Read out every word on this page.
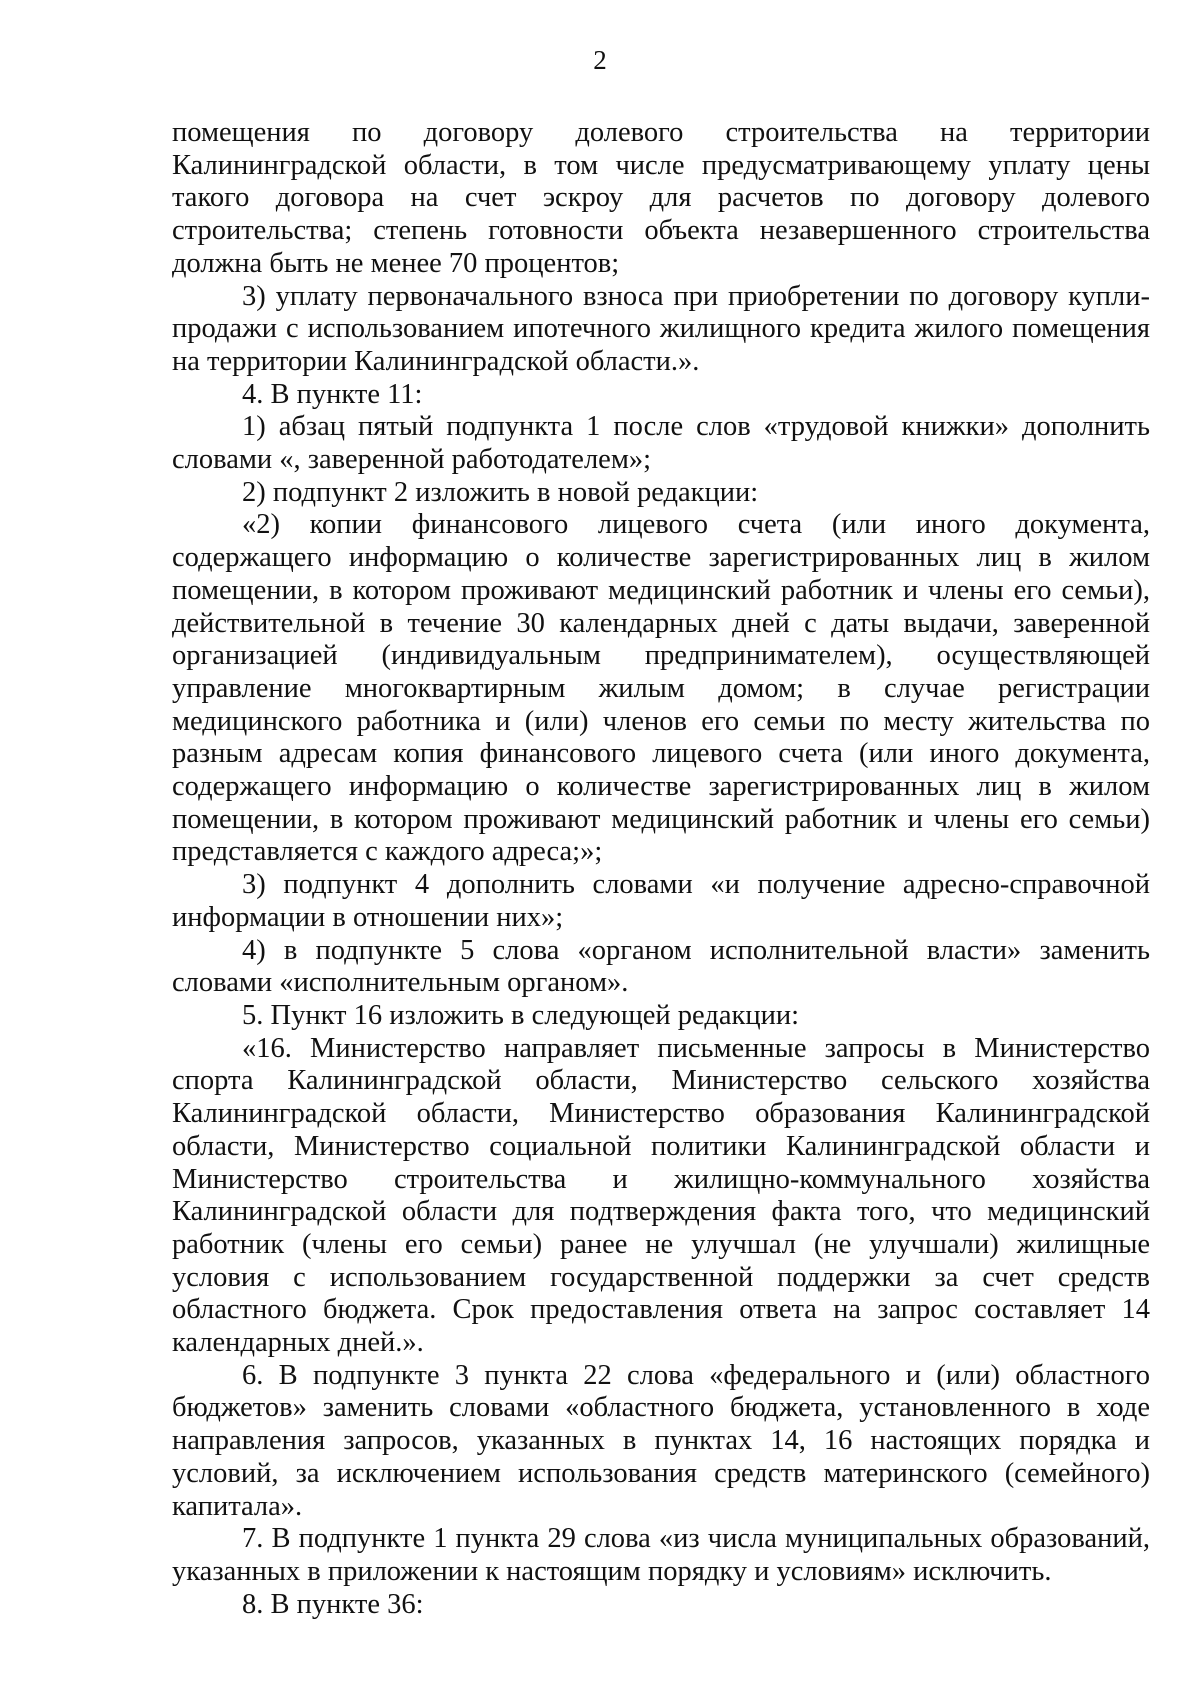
2

помещения по договору долевого строительства на территории Калининградской области, в том числе предусматривающему уплату цены такого договора на счет эскроу для расчетов по договору долевого строительства; степень готовности объекта незавершенного строительства должна быть не менее 70 процентов;

3) уплату первоначального взноса при приобретении по договору купли-продажи с использованием ипотечного жилищного кредита жилого помещения на территории Калининградской области.».

4. В пункте 11:

1) абзац пятый подпункта 1 после слов «трудовой книжки» дополнить словами «, заверенной работодателем»;

2) подпункт 2 изложить в новой редакции:

«2) копии финансового лицевого счета (или иного документа, содержащего информацию о количестве зарегистрированных лиц в жилом помещении, в котором проживают медицинский работник и члены его семьи), действительной в течение 30 календарных дней с даты выдачи, заверенной организацией (индивидуальным предпринимателем), осуществляющей управление многоквартирным жилым домом; в случае регистрации медицинского работника и (или) членов его семьи по месту жительства по разным адресам копия финансового лицевого счета (или иного документа, содержащего информацию о количестве зарегистрированных лиц в жилом помещении, в котором проживают медицинский работник и члены его семьи) представляется с каждого адреса;»;

3) подпункт 4 дополнить словами «и получение адресно-справочной информации в отношении них»;

4) в подпункте 5 слова «органом исполнительной власти» заменить словами «исполнительным органом».

5. Пункт 16 изложить в следующей редакции:

«16. Министерство направляет письменные запросы в Министерство спорта Калининградской области, Министерство сельского хозяйства Калининградской области, Министерство образования Калининградской области, Министерство социальной политики Калининградской области и Министерство строительства и жилищно-коммунального хозяйства Калининградской области для подтверждения факта того, что медицинский работник (члены его семьи) ранее не улучшал (не улучшали) жилищные условия с использованием государственной поддержки за счет средств областного бюджета. Срок предоставления ответа на запрос составляет 14 календарных дней.».

6. В подпункте 3 пункта 22 слова «федерального и (или) областного бюджетов» заменить словами «областного бюджета, установленного в ходе направления запросов, указанных в пунктах 14, 16 настоящих порядка и условий, за исключением использования средств материнского (семейного) капитала».

7. В подпункте 1 пункта 29 слова «из числа муниципальных образований, указанных в приложении к настоящим порядку и условиям» исключить.

8. В пункте 36:
